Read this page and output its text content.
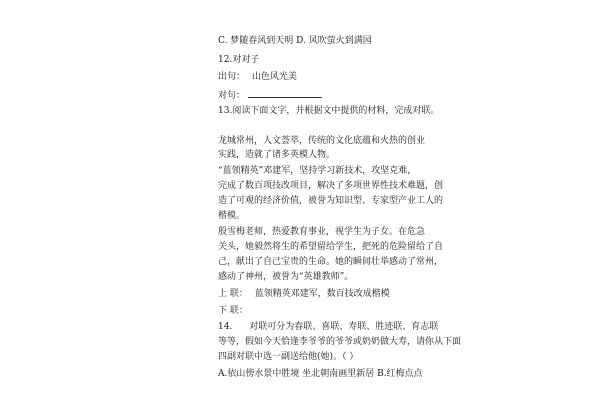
C. 梦随春风到天明 D. 风吹萤火到满园
12.对对子
出句： 山色风光美
对句：
13.阅读下面文字，并根据文中提供的材料，完成对联。
龙城常州，人文荟萃，传统的文化底蕴和火热的创业
实践，造就了诸多英模人物。
“蓝领精英”邓建军，坚持学习新技术，攻坚克难，
完成了数百项技改项目，解决了多项世界性技术难题，创
造了可观的经济价值，被誉为知识型、专家型产业工人的
楷模。
殷雪梅老师，热爱教育事业，视学生为子女。在危急
关头，她毅然将生的希望留给学生，把死的危险留给了自
己，献出了自己宝贵的生命。她的瞬间壮举感动了常州，
感动了神州，被誉为“英雄教师”。
上 联： 蓝领精英邓建军，数百技改成楷模
下 联：
14. 对联可分为春联、喜联、寿联、胜迹联、育志联
等等，假如今天恰逢李爷爷的爷爷或奶奶做大寿，请你从下面
四副对联中选一副送给他(她)。（ ）
A.依山傍水景中胜境 坐北朝南画里新居 B.红梅点点
